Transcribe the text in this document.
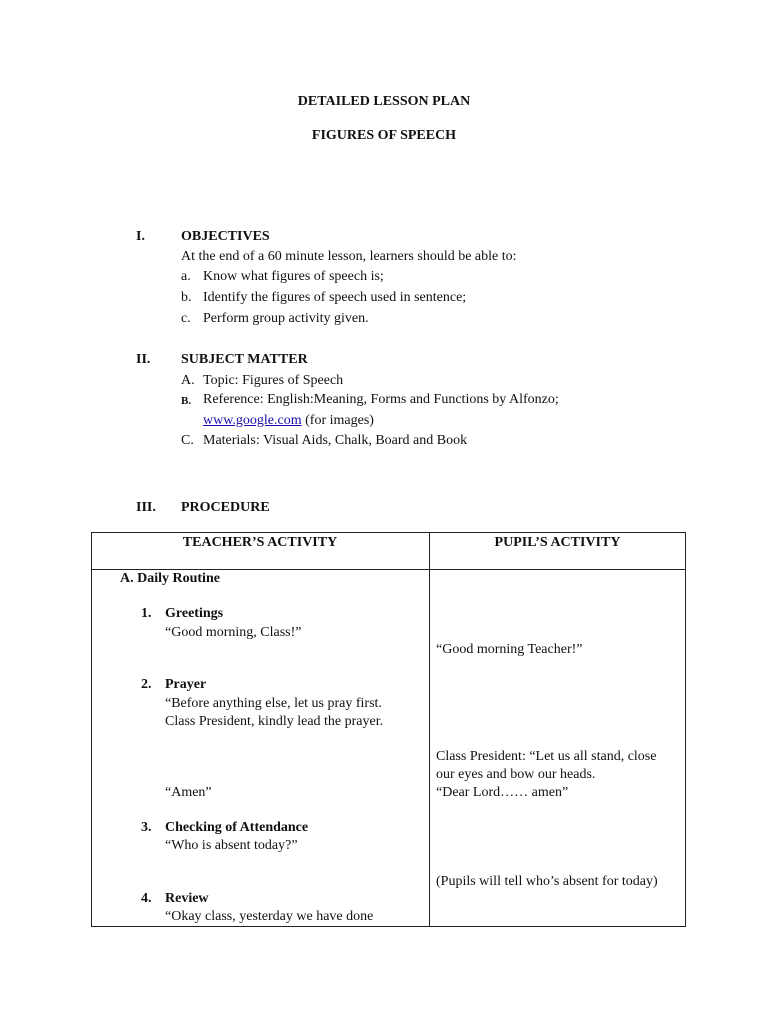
DETAILED LESSON PLAN
FIGURES OF SPEECH
I.	OBJECTIVES
At the end of a 60 minute lesson, learners should be able to:
a. Know what figures of speech is;
b. Identify the figures of speech used in sentence;
c. Perform group activity given.
II. SUBJECT MATTER
A. Topic: Figures of Speech
B. Reference: English:Meaning, Forms and Functions by Alfonzo;
www.google.com (for images)
C. Materials: Visual Aids, Chalk, Board and Book
III. PROCEDURE
TEACHER’S ACTIVITY	PUPIL’S ACTIVITY
A. Daily Routine
1. Greetings
“Good morning, Class!”
2. Prayer
“Before anything else, let us pray first.
Class President, kindly lead the prayer.
“Amen”
3. Checking of Attendance
“Who is absent today?”
4. Review
“Okay class, yesterday we have done
“Good morning Teacher!”
Class President: “Let us all stand, close
our eyes and bow our heads.
“Dear Lord…… amen”
(Pupils will tell who’s absent for today)
